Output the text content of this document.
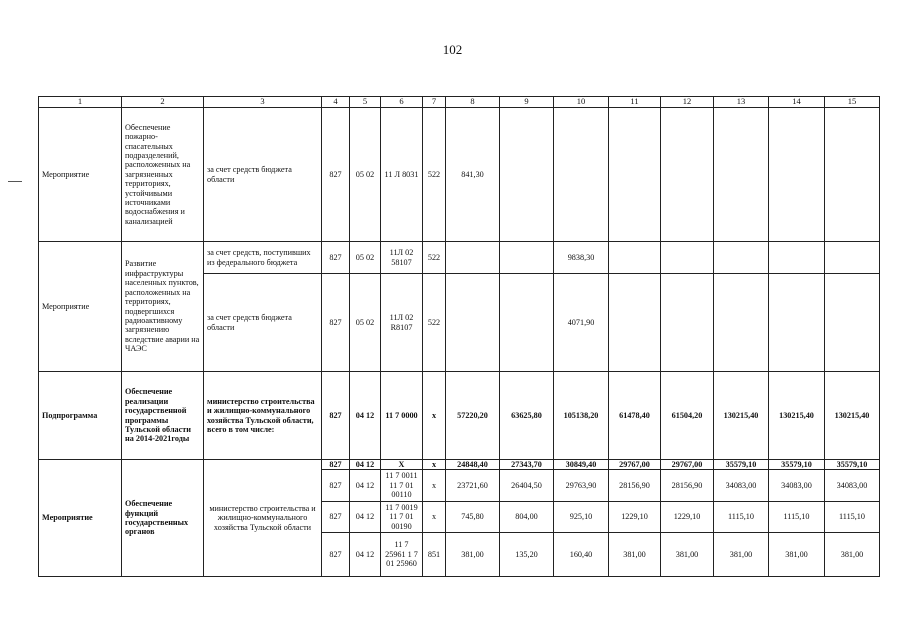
102
1	2	3	4	5	6	7	8	9	10	11	12	13	14	15
Мероприятие	Обеспечение пожарно-спасательных подразделений, расположенных на загрязненных территориях, устойчивыми источниками водоснабжения и канализацией	за счет средств бюджета области	827	05 02	11 Л 8031	522	841,30							
Мероприятие	Развитие инфраструктуры населенных пунктов, расположенных на территориях, подвергшихся радиоактивному загрязнению вследствие аварии на ЧАЭС	за счет средств, поступивших из федерального бюджета	827	05 02	11Л 02 58107	522			9838,30					
		за счет средств бюджета области	827	05 02	11Л 02 R8107	522			4071,90					
Подпрограмма	Обеспечение реализации государственной программы Тульской области на 2014-2021годы	министерство строительства и жилищно-коммунального хозяйства Тульской области, всего в том числе:	827	04 12	11 7 0000	х	57220,20	63625,80	105138,20	61478,40	61504,20	130215,40	130215,40	130215,40
Мероприятие	Обеспечение функций государственных органов	министерство строительства и жилищно-коммунального хозяйства Тульской области	827	04 12	X	х	24848,40	27343,70	30849,40	29767,00	29767,00	35579,10	35579,10	35579,10
			827	04 12	11 7 0011 11 7 01 00110	х	23721,60	26404,50	29763,90	28156,90	28156,90	34083,00	34083,00	34083,00
			827	04 12	11 7 0019 11 7 01 00190	х	745,80	804,00	925,10	1229,10	1229,10	1115,10	1115,10	1115,10
			827	04 12	11 7 25961 1 7 01 25960	851	381,00	135,20	160,40	381,00	381,00	381,00	381,00	381,00
